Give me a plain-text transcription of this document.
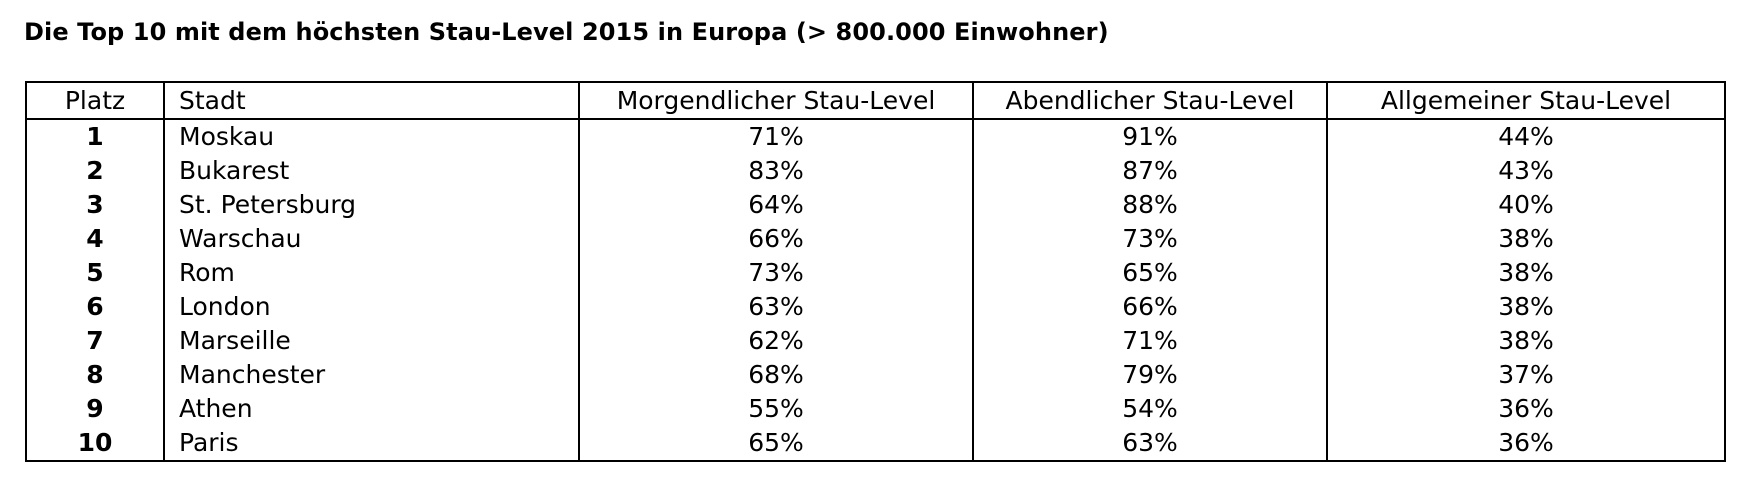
Die Top 10 mit dem höchsten Stau-Level 2015 in Europa (> 800.000 Einwohner)
Platz	Stadt	Morgendlicher Stau-Level	Abendlicher Stau-Level	Allgemeiner Stau-Level
1	Moskau	71%	91%	44%
2	Bukarest	83%	87%	43%
3	St. Petersburg	64%	88%	40%
4	Warschau	66%	73%	38%
5	Rom	73%	65%	38%
6	London	63%	66%	38%
7	Marseille	62%	71%	38%
8	Manchester	68%	79%	37%
9	Athen	55%	54%	36%
10	Paris	65%	63%	36%
